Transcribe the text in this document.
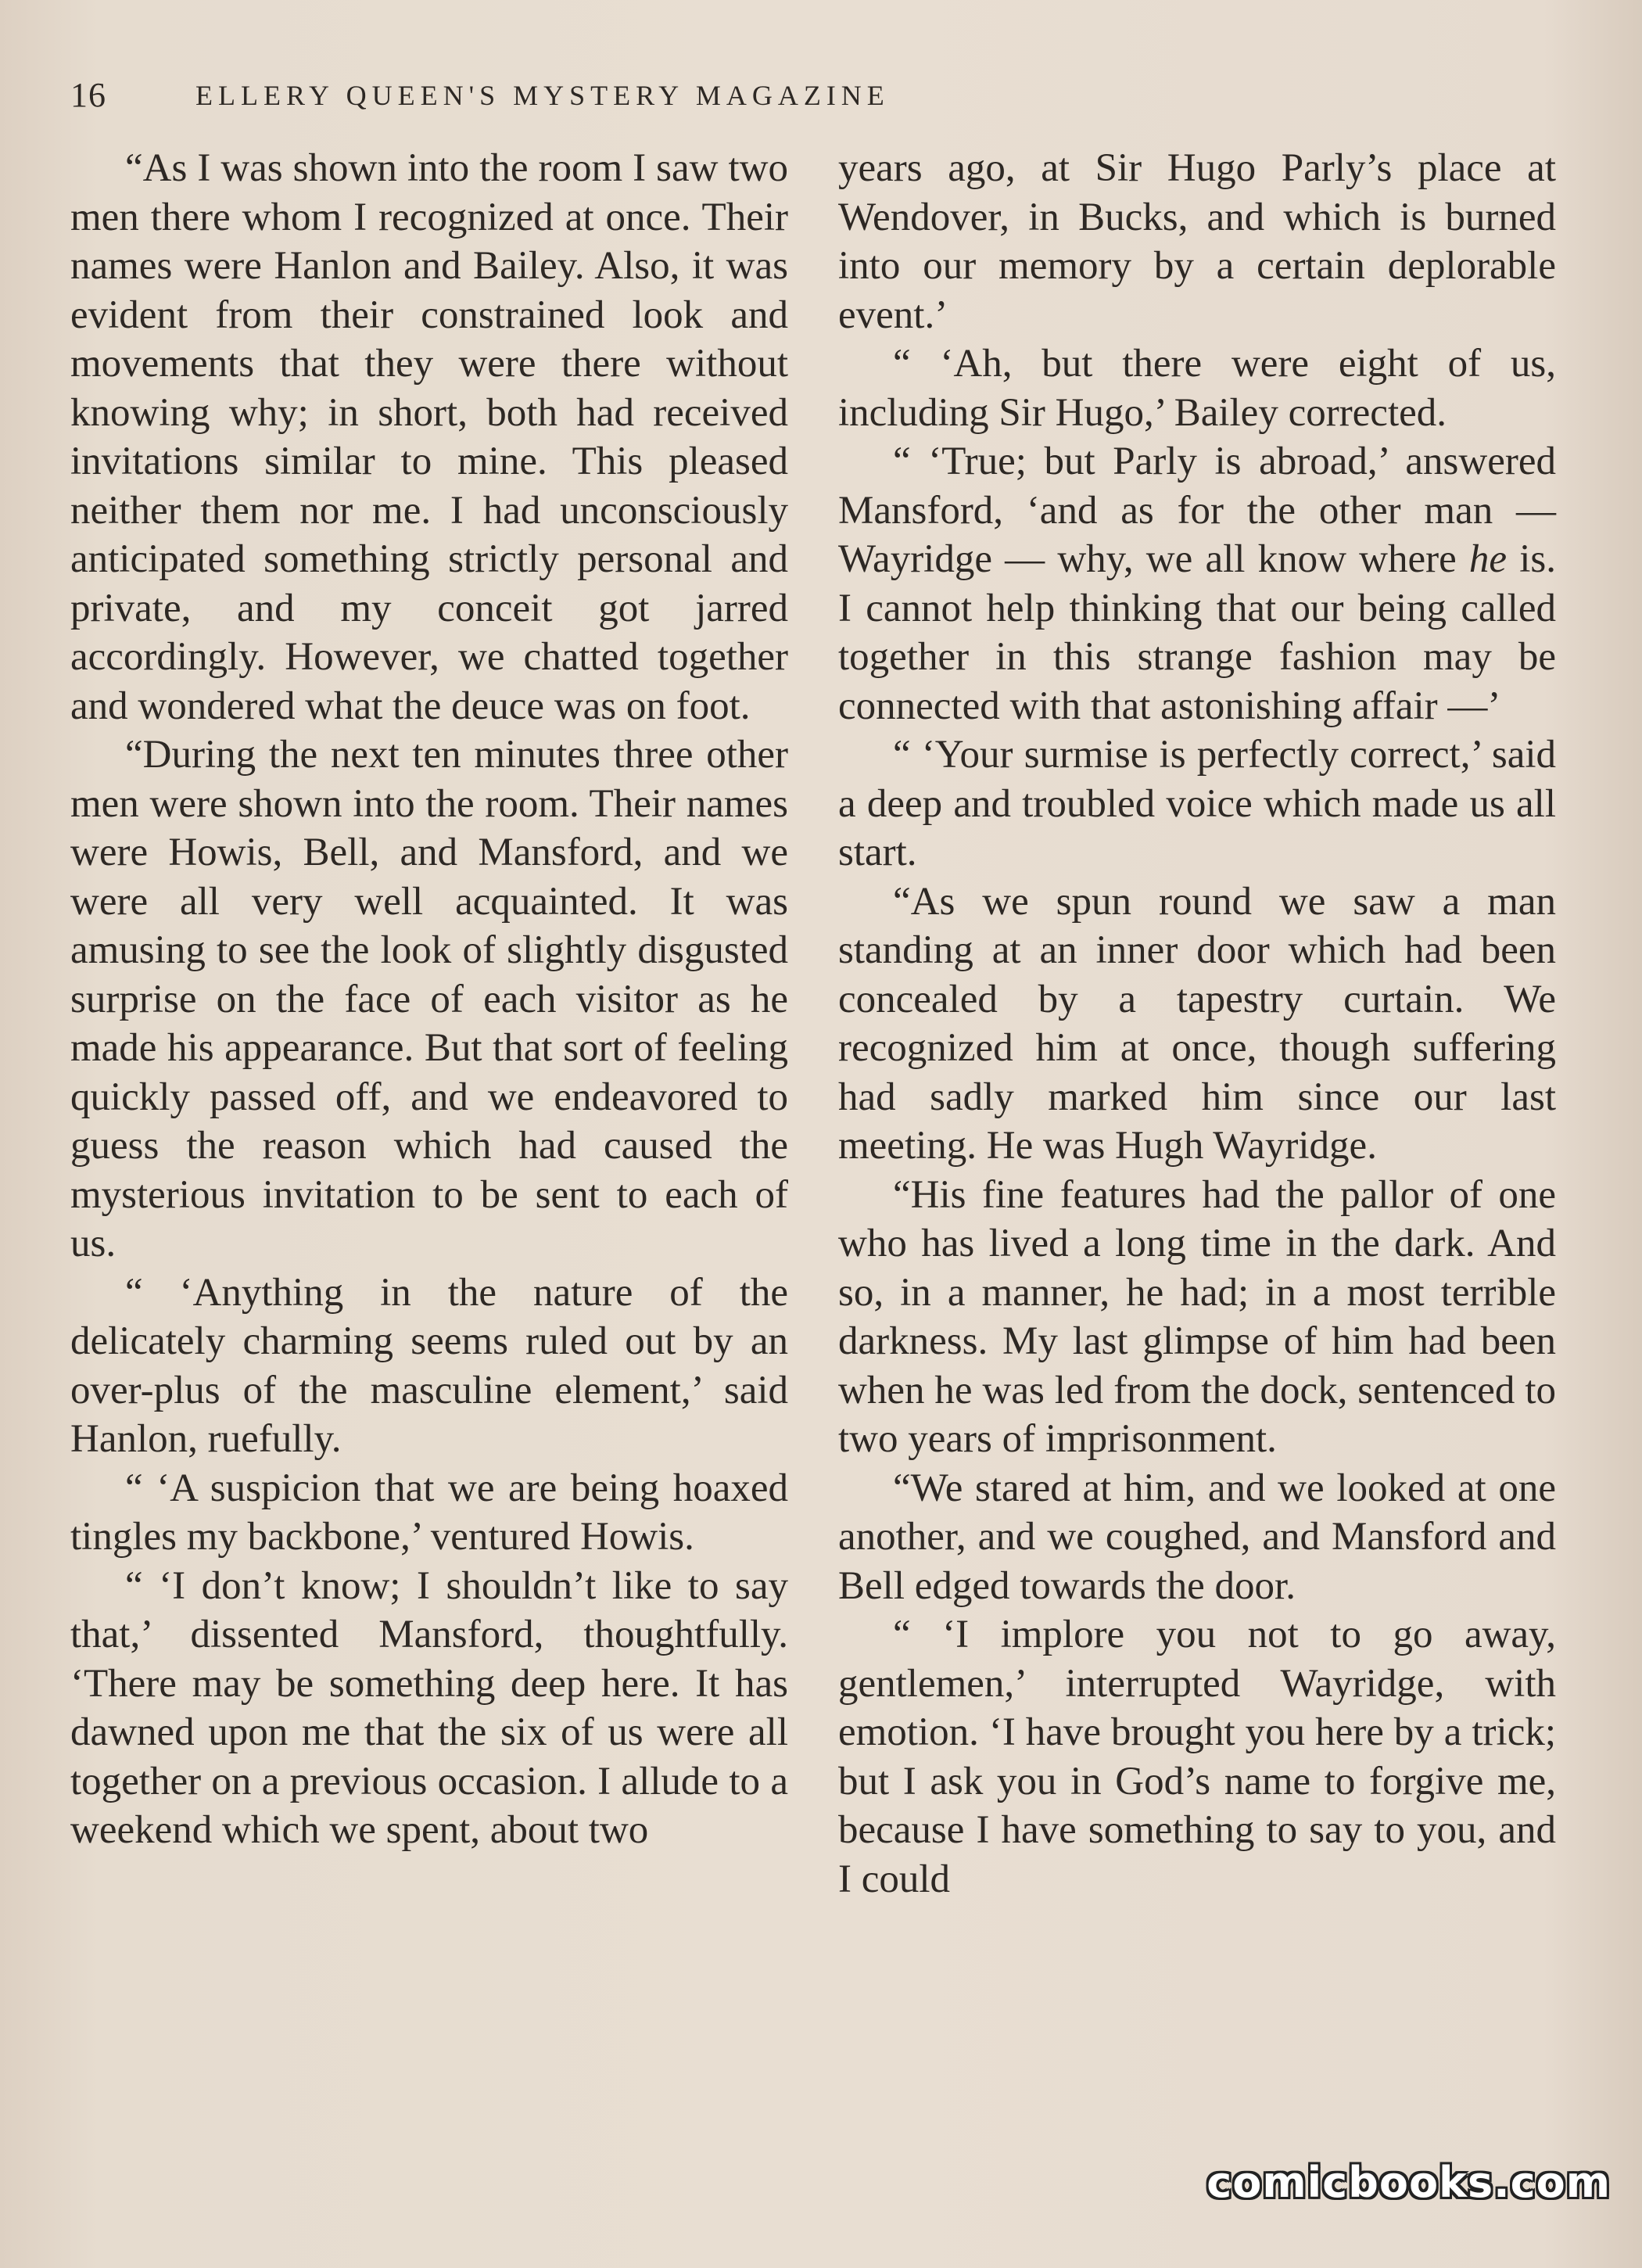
16	ELLERY QUEEN'S MYSTERY MAGAZINE

“As I was shown into the room I saw two men there whom I recognized at once. Their names were Hanlon and Bailey. Also, it was evident from their constrained look and movements that they were there without knowing why; in short, both had received invitations similar to mine. This pleased neither them nor me. I had unconsciously anticipated something strictly personal and private, and my conceit got jarred accordingly. However, we chatted together and wondered what the deuce was on foot.

“During the next ten minutes three other men were shown into the room. Their names were Howis, Bell, and Mansford, and we were all very well acquainted. It was amusing to see the look of slightly disgusted surprise on the face of each visitor as he made his appearance. But that sort of feeling quickly passed off, and we endeavored to guess the reason which had caused the mysterious invitation to be sent to each of us.

“ ‘Anything in the nature of the delicately charming seems ruled out by an over-plus of the masculine element,’ said Hanlon, ruefully.

“ ‘A suspicion that we are being hoaxed tingles my backbone,’ ventured Howis.

“ ‘I don’t know; I shouldn’t like to say that,’ dissented Mansford, thoughtfully. ‘There may be something deep here. It has dawned upon me that the six of us were all together on a previous occasion. I allude to a weekend which we spent, about two

years ago, at Sir Hugo Parly’s place at Wendover, in Bucks, and which is burned into our memory by a certain deplorable event.’

“ ‘Ah, but there were eight of us, including Sir Hugo,’ Bailey corrected.

“ ‘True; but Parly is abroad,’ answered Mansford, ‘and as for the other man — Wayridge — why, we all know where he is. I cannot help thinking that our being called together in this strange fashion may be connected with that astonishing affair —’

“ ‘Your surmise is perfectly correct,’ said a deep and troubled voice which made us all start.

“As we spun round we saw a man standing at an inner door which had been concealed by a tapestry curtain. We recognized him at once, though suffering had sadly marked him since our last meeting. He was Hugh Wayridge.

“His fine features had the pallor of one who has lived a long time in the dark. And so, in a manner, he had; in a most terrible darkness. My last glimpse of him had been when he was led from the dock, sentenced to two years of imprisonment.

“We stared at him, and we looked at one another, and we coughed, and Mansford and Bell edged towards the door.

“ ‘I implore you not to go away, gentlemen,’ interrupted Wayridge, with emotion. ‘I have brought you here by a trick; but I ask you in God’s name to forgive me, because I have something to say to you, and I could

comicbooks.com
